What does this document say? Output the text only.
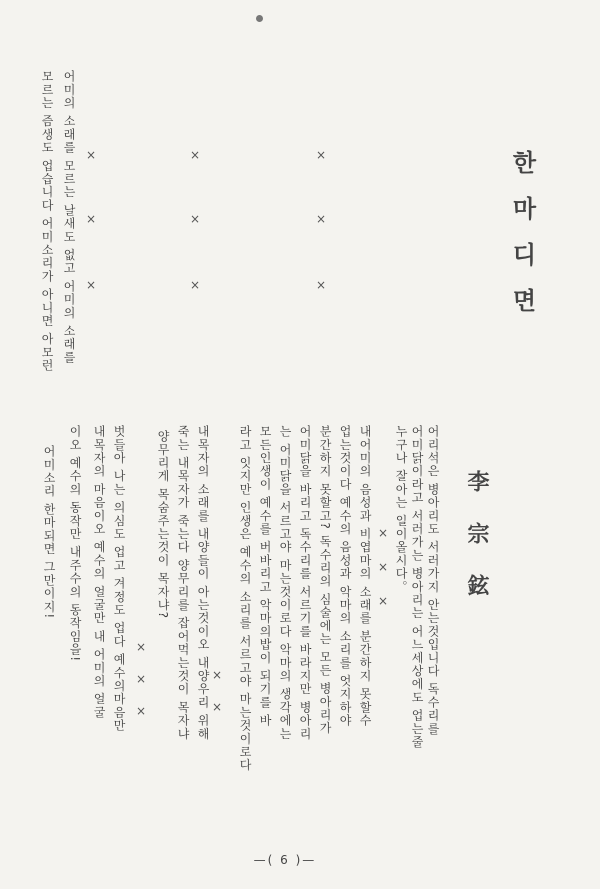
한마디면
李宗鉉
어미의 소래를 모르는 날새도 없고 어미의 소래를
모르는 즘생도 업습니다 어미소리가 아니면 아모런	×
×
×
×
×
×
×
×
×
어리석은 병아리도 서러가지 안는것입니다 독수리를
어미닭이라고 서러가는 병아리는 어느세상에도 업는줄
누구나 잘아는 일이올시다。
×
×
×
내어미의 음성과 비엽마의 소래를 분간하지 못할수
업는것이다 예수의 음성과 악마의 소리를 엇지하야
분간하지 못할고? 독수리의 심술에는 모든 병아리가
어미닭을 바리고 독수리를 서르기를 바라지만 병아리
는 어미닭을 서르고야 마는것이로다 악마의 생각에는
모든인생이 예수를 버바리고 악마의밥이 되기를 바
라고 잇지만 인생은 예수의 소리를 서르고야 마는것이로다
×
×
내목자의 소래를 내양들이 아는것이오 내양우리 위해
죽는 내목자가 죽는다 양무리를 잡어먹는것이 목자냐
양무리게 목숨주는것이 목자냐?
×
×
×
벗들아 나는 의심도 업고 겨정도 업다 예수의마음만
내목자의 마음이오 예수의 얼굴만 내 어미의 얼굴
이오 예수의 동작만 내주수의 동작임을!
어미소리 한마되면 그만이지!
—( 6 )—
